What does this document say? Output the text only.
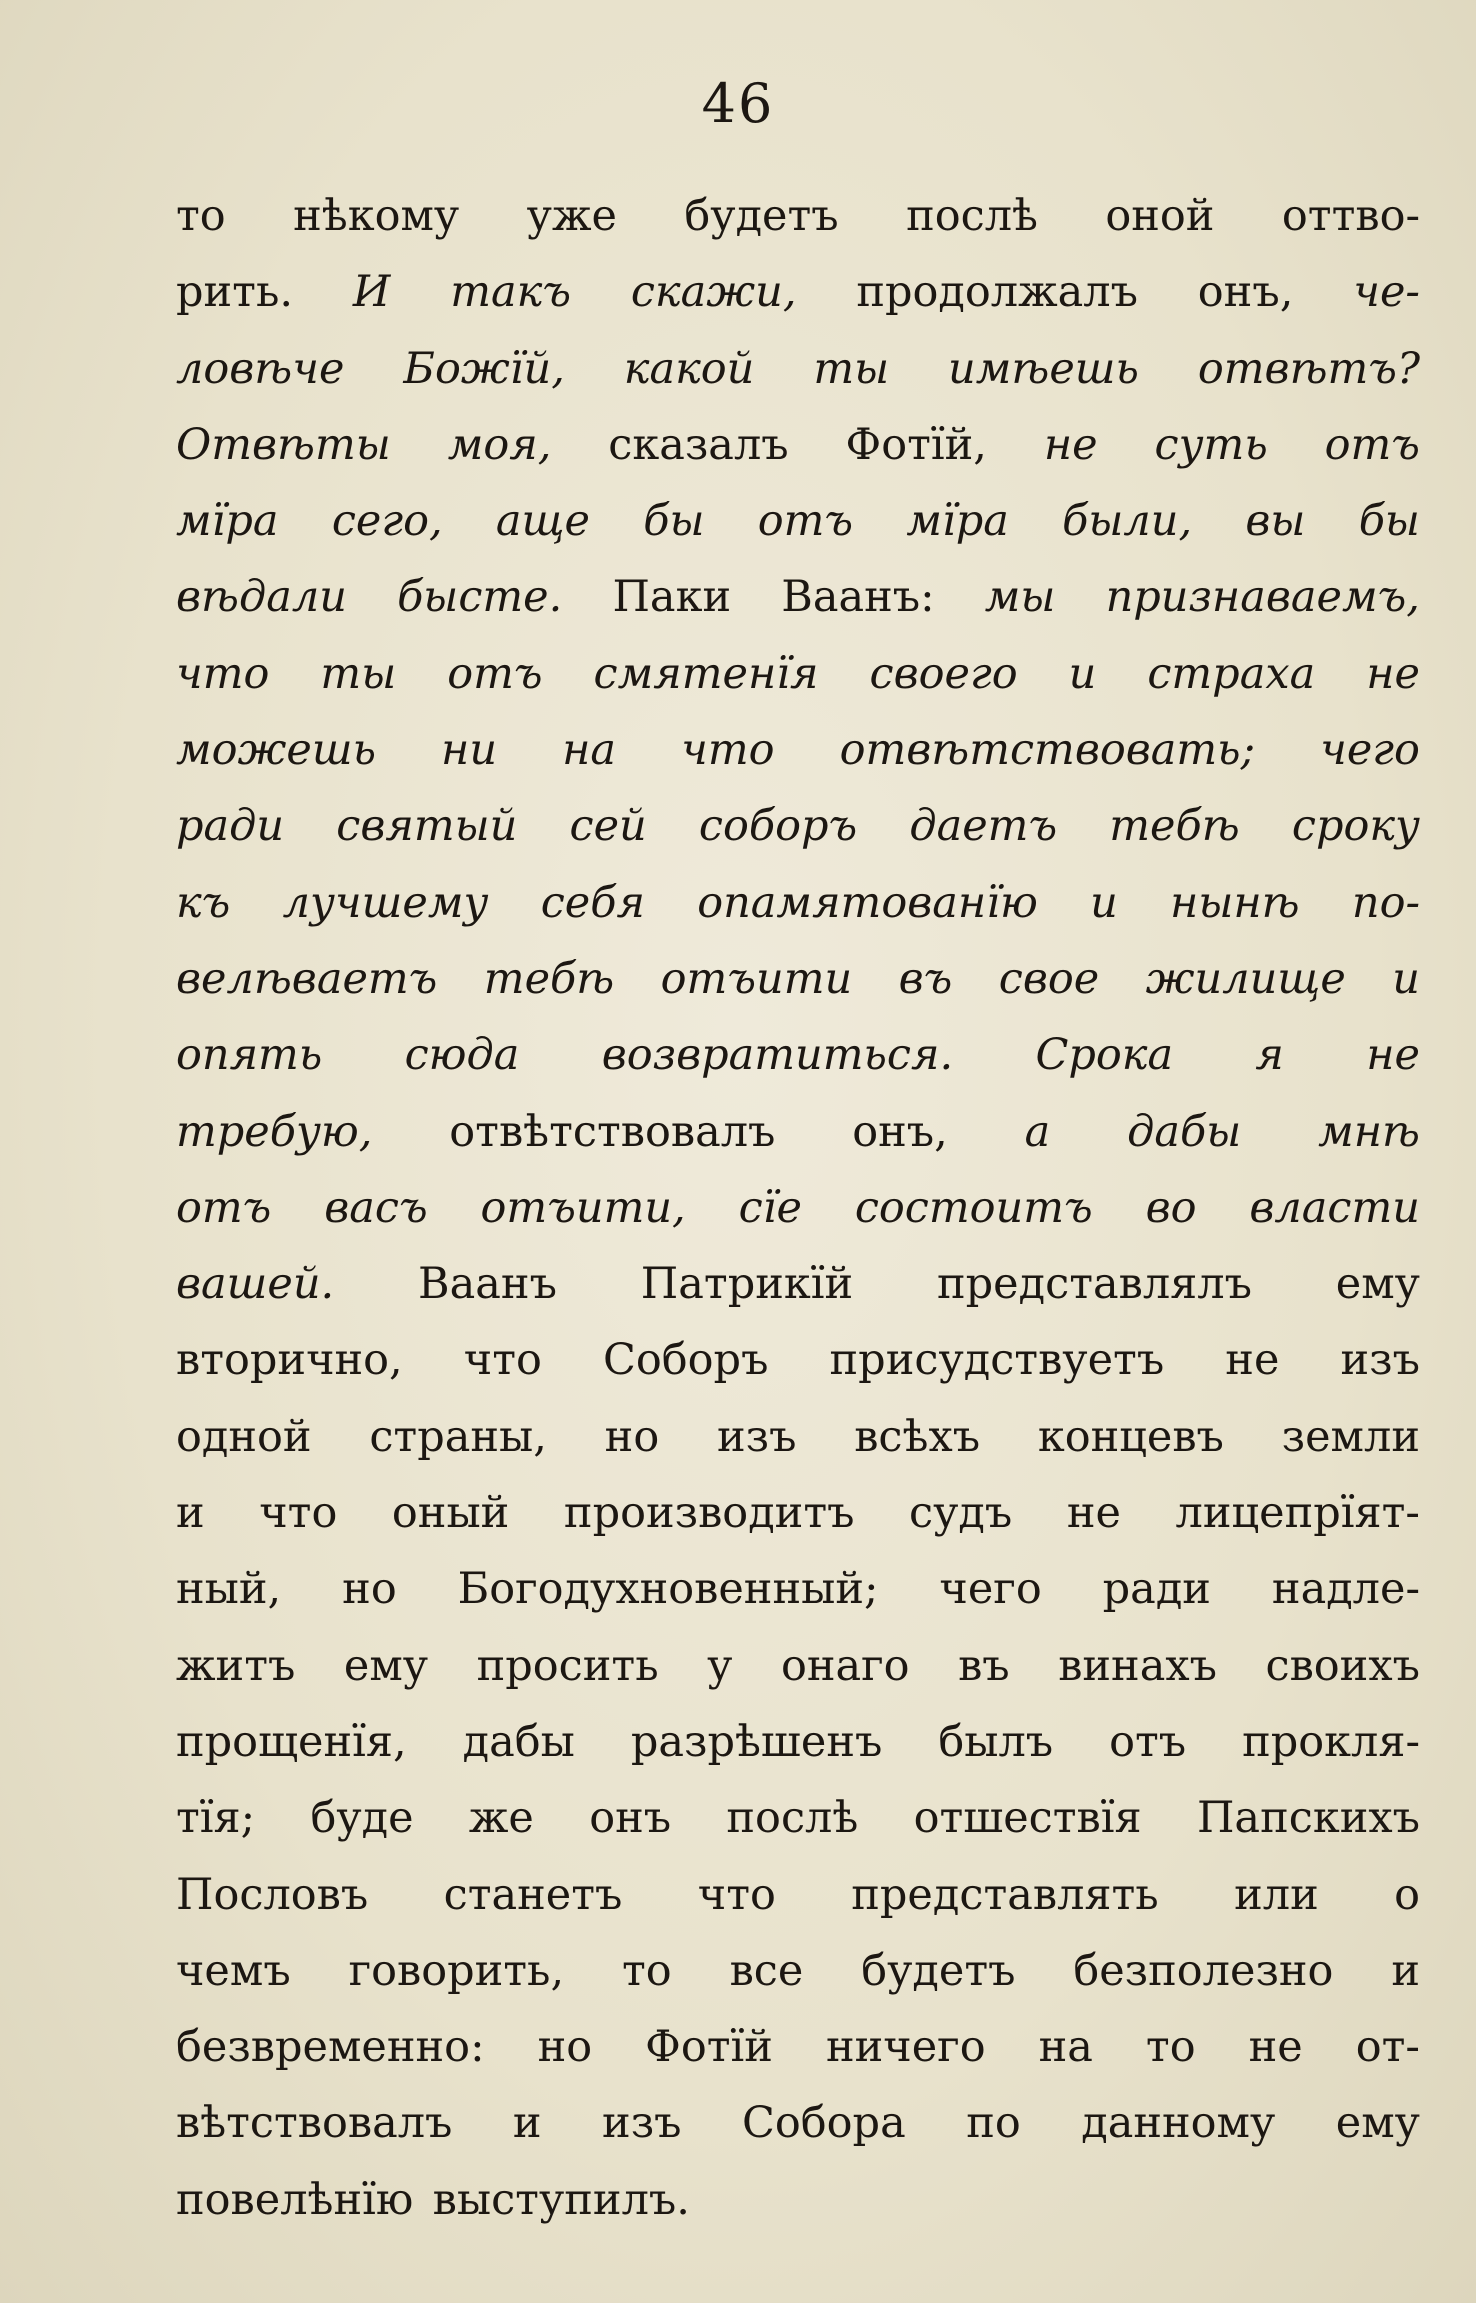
46
то нѣкому уже будетъ послѣ оной оттво-
рить. И такъ скажи, продолжалъ онъ, че-
ловѣче Божїй, какой ты имѣешь отвѣтъ?
Отвѣты моя, сказалъ Фотїй, не суть отъ
мїра сего, аще бы отъ мїра были, вы бы
вѣдали бысте. Паки Ваанъ: мы признаваемъ,
что ты отъ смятенїя своего и страха не
можешь ни на что отвѣтствовать; чего
ради святый сей соборъ даетъ тебѣ сроку
къ лучшему себя опамятованїю и нынѣ по-
велѣваетъ тебѣ отъити въ свое жилище и
опять сюда возвратиться. Срока я не
требую, отвѣтствовалъ онъ, а дабы мнѣ
отъ васъ отъити, сїе состоитъ во власти
вашей. Ваанъ Патрикїй представлялъ ему
вторично, что Соборъ присудствуетъ не изъ
одной страны, но изъ всѣхъ концевъ земли
и что оный производитъ судъ не лицепрїят-
ный, но Богодухновенный; чего ради надле-
житъ ему просить у онаго въ винахъ своихъ
прощенїя, дабы разрѣшенъ былъ отъ прокля-
тїя; буде же онъ послѣ отшествїя Папскихъ
Пословъ станетъ что представлять или о
чемъ говорить, то все будетъ безполезно и
безвременно: но Фотїй ничего на то не от-
вѣтствовалъ и изъ Собора по данному ему
повелѣнїю выступилъ.
